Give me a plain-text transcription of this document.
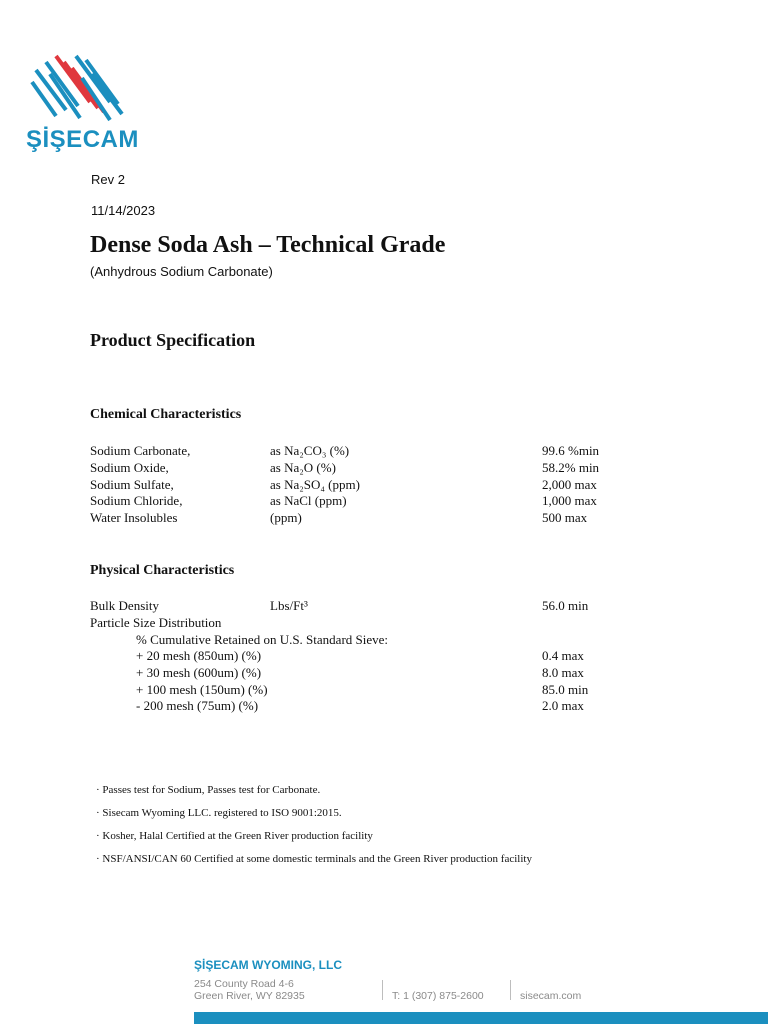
ŞİŞECAM
Rev 2
11/14/2023
Dense Soda Ash – Technical Grade
(Anhydrous Sodium Carbonate)
Product Specification
Chemical Characteristics
Sodium Carbonate,	as Na₂CO₃ (%)	99.6 %min
Sodium Oxide,	as Na₂O (%)	58.2% min
Sodium Sulfate,	as Na₂SO₄ (ppm)	2,000 max
Sodium Chloride,	as NaCl (ppm)	1,000 max
Water Insolubles	(ppm)	500 max
Physical Characteristics
Bulk Density	Lbs/Ft³	56.0 min
Particle Size Distribution
% Cumulative Retained on U.S. Standard Sieve:
+ 20 mesh (850um) (%)	0.4 max
+ 30 mesh (600um) (%)	8.0 max
+ 100 mesh (150um) (%)	85.0 min
- 200 mesh (75um) (%)	2.0 max
· Passes test for Sodium, Passes test for Carbonate.
· Sisecam Wyoming LLC. registered to ISO 9001:2015.
· Kosher, Halal Certified at the Green River production facility
· NSF/ANSI/CAN 60 Certified at some domestic terminals and the Green River production facility
ŞİŞECAM WYOMING, LLC
254 County Road 4-6
Green River, WY 82935	T: 1 (307) 875-2600	sisecam.com
